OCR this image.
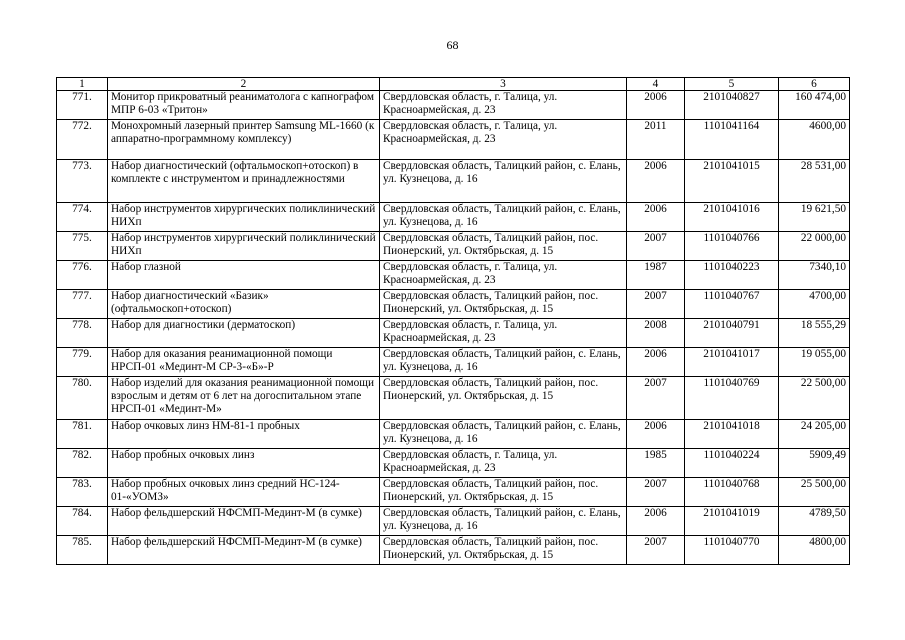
68
1	2	3	4	5	6
771.	Монитор прикроватный реаниматолога с капнографом МПР 6-03 «Тритон»	Свердловская область, г. Талица, ул. Красноармейская, д. 23	2006	2101040827	160 474,00
772.	Монохромный лазерный принтер Samsung ML-1660 (к аппаратно-программному комплексу)	Свердловская область, г. Талица, ул. Красноармейская, д. 23	2011	1101041164	4600,00
773.	Набор диагностический (офтальмоскоп+отоскоп) в комплекте с инструментом и принадлежностями	Свердловская область, Талицкий район, с. Елань, ул. Кузнецова, д. 16	2006	2101041015	28 531,00
774.	Набор инструментов хирургических поликлинический НИХп	Свердловская область, Талицкий район, с. Елань, ул. Кузнецова, д. 16	2006	2101041016	19 621,50
775.	Набор инструментов хирургический поликлинический НИХп	Свердловская область, Талицкий район, пос. Пионерский, ул. Октябрьская, д. 15	2007	1101040766	22 000,00
776.	Набор глазной	Свердловская область, г. Талица, ул. Красноармейская, д. 23	1987	1101040223	7340,10
777.	Набор диагностический «Базик» (офтальмоскоп+отоскоп)	Свердловская область, Талицкий район, пос. Пионерский, ул. Октябрьская, д. 15	2007	1101040767	4700,00
778.	Набор для диагностики (дерматоскоп)	Свердловская область, г. Талица, ул. Красноармейская, д. 23	2008	2101040791	18 555,29
779.	Набор для оказания реанимационной помощи НРСП-01 «Мединт-М СР-3-«Б»-Р	Свердловская область, Талицкий район, с. Елань, ул. Кузнецова, д. 16	2006	2101041017	19 055,00
780.	Набор изделий для оказания реанимационной помощи взрослым и детям от 6 лет на догоспитальном этапе НРСП-01 «Мединт-М»	Свердловская область, Талицкий район, пос. Пионерский, ул. Октябрьская, д. 15	2007	1101040769	22 500,00
781.	Набор очковых линз НМ-81-1 пробных	Свердловская область, Талицкий район, с. Елань, ул. Кузнецова, д. 16	2006	2101041018	24 205,00
782.	Набор пробных очковых линз	Свердловская область, г. Талица, ул. Красноармейская, д. 23	1985	1101040224	5909,49
783.	Набор пробных очковых линз средний НС-124-01-«УОМЗ»	Свердловская область, Талицкий район, пос. Пионерский, ул. Октябрьская, д. 15	2007	1101040768	25 500,00
784.	Набор фельдшерский НФСМП-Мединт-М (в сумке)	Свердловская область, Талицкий район, с. Елань, ул. Кузнецова, д. 16	2006	2101041019	4789,50
785.	Набор фельдшерский НФСМП-Мединт-М (в сумке)	Свердловская область, Талицкий район, пос. Пионерский, ул. Октябрьская, д. 15	2007	1101040770	4800,00
